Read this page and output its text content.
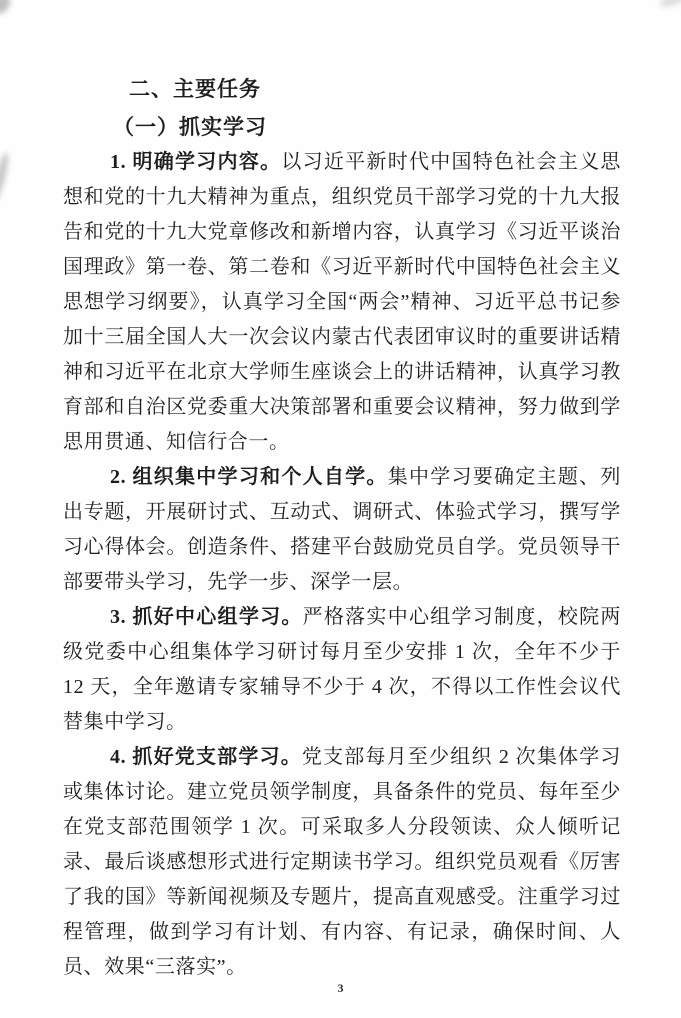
二、主要任务
（一）抓实学习

1. 明确学习内容。以习近平新时代中国特色社会主义思想和党的十九大精神为重点，组织党员干部学习党的十九大报告和党的十九大党章修改和新增内容，认真学习《习近平谈治国理政》第一卷、第二卷和《习近平新时代中国特色社会主义思想学习纲要》，认真学习全国“两会”精神、习近平总书记参加十三届全国人大一次会议内蒙古代表团审议时的重要讲话精神和习近平在北京大学师生座谈会上的讲话精神，认真学习教育部和自治区党委重大决策部署和重要会议精神，努力做到学思用贯通、知信行合一。

2. 组织集中学习和个人自学。集中学习要确定主题、列出专题，开展研讨式、互动式、调研式、体验式学习，撰写学习心得体会。创造条件、搭建平台鼓励党员自学。党员领导干部要带头学习，先学一步、深学一层。

3. 抓好中心组学习。严格落实中心组学习制度，校院两级党委中心组集体学习研讨每月至少安排 1 次，全年不少于 12 天，全年邀请专家辅导不少于 4 次，不得以工作性会议代替集中学习。

4. 抓好党支部学习。党支部每月至少组织 2 次集体学习或集体讨论。建立党员领学制度，具备条件的党员、每年至少在党支部范围领学 1 次。可采取多人分段领读、众人倾听记录、最后谈感想形式进行定期读书学习。组织党员观看《厉害了我的国》等新闻视频及专题片，提高直观感受。注重学习过程管理，做到学习有计划、有内容、有记录，确保时间、人员、效果“三落实”。

3
